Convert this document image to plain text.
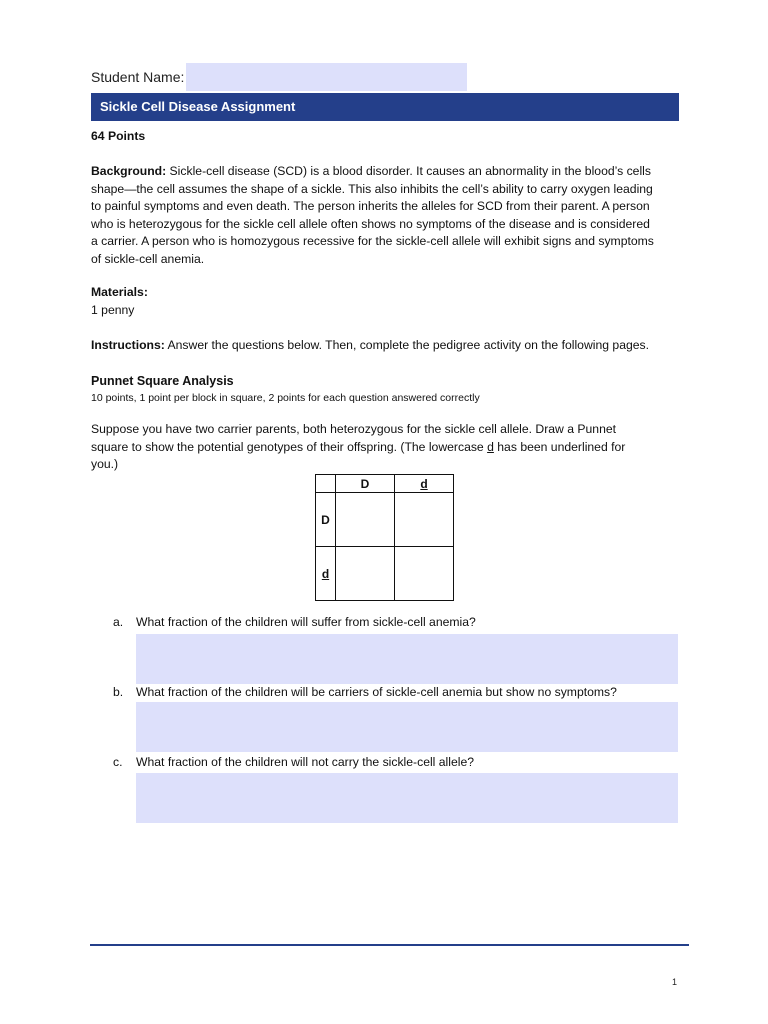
Student Name:
Sickle Cell Disease Assignment
64 Points
Background: Sickle-cell disease (SCD) is a blood disorder. It causes an abnormality in the blood’s cells
shape—the cell assumes the shape of a sickle. This also inhibits the cell’s ability to carry oxygen leading
to painful symptoms and even death. The person inherits the alleles for SCD from their parent. A person
who is heterozygous for the sickle cell allele often shows no symptoms of the disease and is considered
a carrier. A person who is homozygous recessive for the sickle-cell allele will exhibit signs and symptoms
of sickle-cell anemia.
Materials:
1 penny
Instructions: Answer the questions below. Then, complete the pedigree activity on the following pages.
Punnet Square Analysis
10 points, 1 point per block in square, 2 points for each question answered correctly
Suppose you have two carrier parents, both heterozygous for the sickle cell allele. Draw a Punnet
square to show the potential genotypes of their offspring. (The lowercase d has been underlined for
you.)
	D	d
D		
d		
a. What fraction of the children will suffer from sickle-cell anemia?
b. What fraction of the children will be carriers of sickle-cell anemia but show no symptoms?
c. What fraction of the children will not carry the sickle-cell allele?
1
